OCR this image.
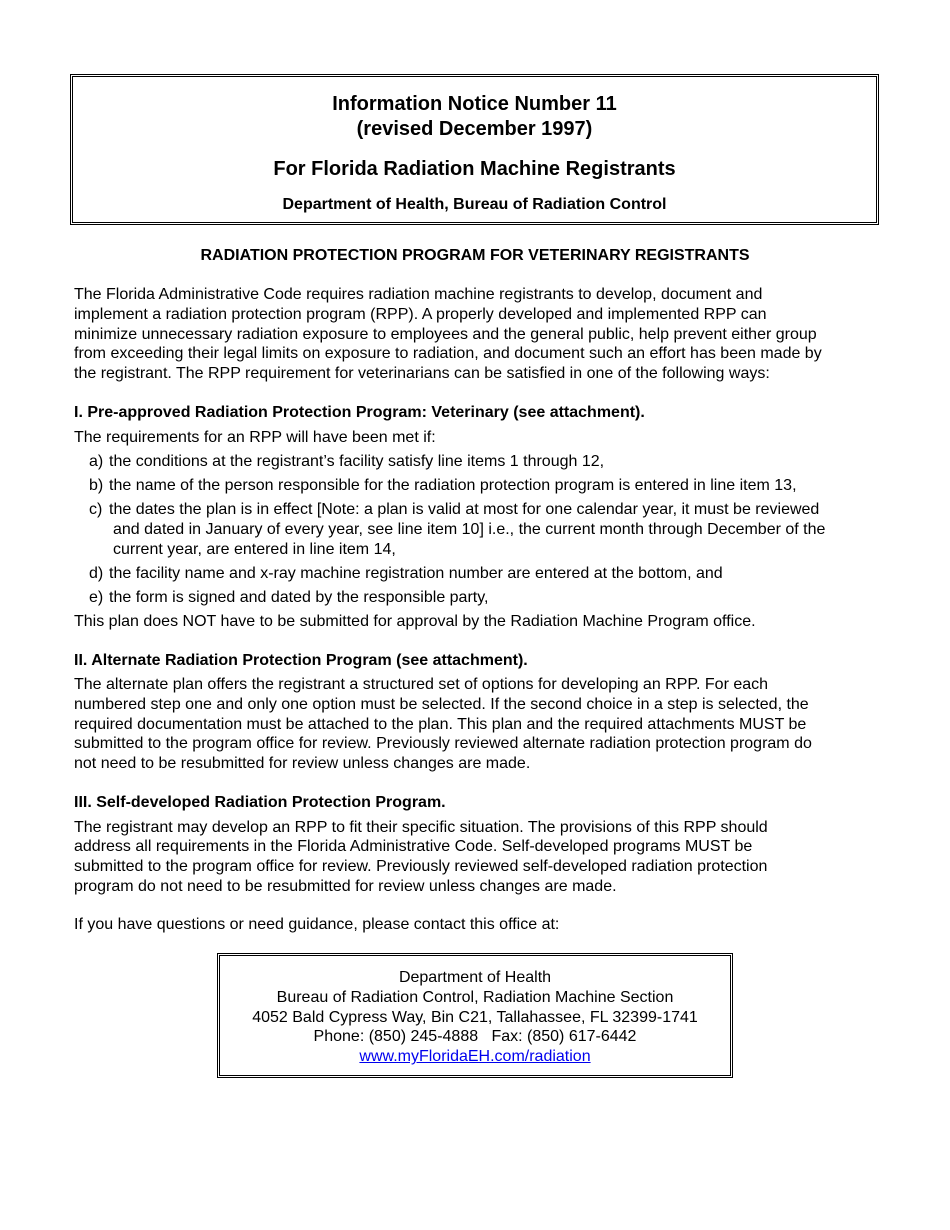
Information Notice Number 11
(revised December 1997)
For Florida Radiation Machine Registrants
Department of Health, Bureau of Radiation Control
RADIATION PROTECTION PROGRAM FOR VETERINARY REGISTRANTS
The Florida Administrative Code requires radiation machine registrants to develop, document and
implement a radiation protection program (RPP). A properly developed and implemented RPP can
minimize unnecessary radiation exposure to employees and the general public, help prevent either group
from exceeding their legal limits on exposure to radiation, and document such an effort has been made by
the registrant. The RPP requirement for veterinarians can be satisfied in one of the following ways:
I. Pre-approved Radiation Protection Program: Veterinary (see attachment).
The requirements for an RPP will have been met if:
a) the conditions at the registrant’s facility satisfy line items 1 through 12,
b) the name of the person responsible for the radiation protection program is entered in line item 13,
c) the dates the plan is in effect [Note: a plan is valid at most for one calendar year, it must be reviewed
and dated in January of every year, see line item 10] i.e., the current month through December of the
current year, are entered in line item 14,
d) the facility name and x-ray machine registration number are entered at the bottom, and
e) the form is signed and dated by the responsible party,
This plan does NOT have to be submitted for approval by the Radiation Machine Program office.
II. Alternate Radiation Protection Program (see attachment).
The alternate plan offers the registrant a structured set of options for developing an RPP. For each
numbered step one and only one option must be selected. If the second choice in a step is selected, the
required documentation must be attached to the plan. This plan and the required attachments MUST be
submitted to the program office for review. Previously reviewed alternate radiation protection program do
not need to be resubmitted for review unless changes are made.
III. Self-developed Radiation Protection Program.
The registrant may develop an RPP to fit their specific situation. The provisions of this RPP should
address all requirements in the Florida Administrative Code. Self-developed programs MUST be
submitted to the program office for review. Previously reviewed self-developed radiation protection
program do not need to be resubmitted for review unless changes are made.
If you have questions or need guidance, please contact this office at:
Department of Health
Bureau of Radiation Control, Radiation Machine Section
4052 Bald Cypress Way, Bin C21, Tallahassee, FL 32399-1741
Phone: (850) 245-4888   Fax: (850) 617-6442
www.myFloridaEH.com/radiation
